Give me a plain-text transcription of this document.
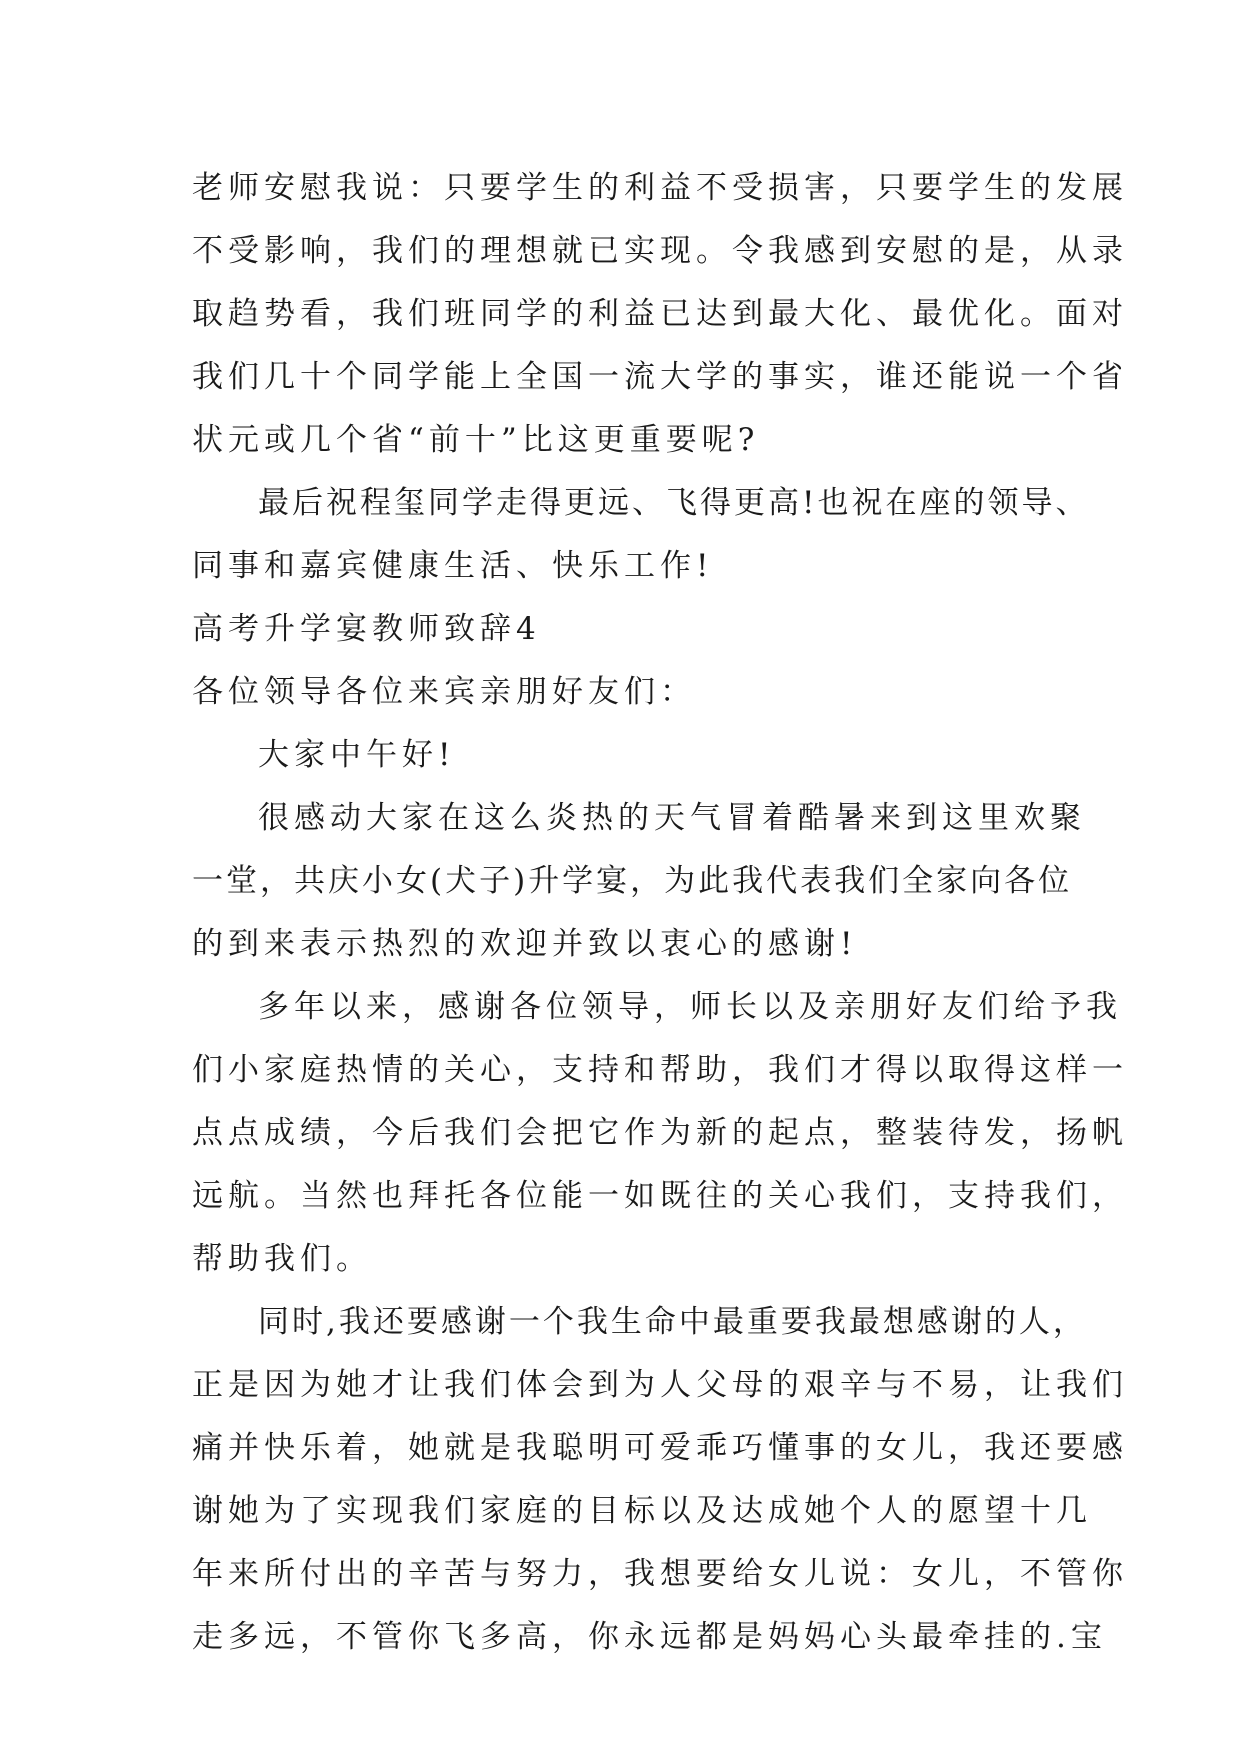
老师安慰我说：只要学生的利益不受损害，只要学生的发展
不受影响，我们的理想就已实现。令我感到安慰的是，从录
取趋势看，我们班同学的利益已达到最大化、最优化。面对
我们几十个同学能上全国一流大学的事实，谁还能说一个省
状元或几个省“前十”比这更重要呢?

最后祝程玺同学走得更远、飞得更高!也祝在座的领导、
同事和嘉宾健康生活、快乐工作!

高考升学宴教师致辞4

各位领导各位来宾亲朋好友们：

大家中午好!

很感动大家在这么炎热的天气冒着酷暑来到这里欢聚
一堂，共庆小女(犬子)升学宴，为此我代表我们全家向各位
的到来表示热烈的欢迎并致以衷心的感谢!

多年以来，感谢各位领导，师长以及亲朋好友们给予我
们小家庭热情的关心，支持和帮助，我们才得以取得这样一
点点成绩，今后我们会把它作为新的起点，整装待发，扬帆
远航。当然也拜托各位能一如既往的关心我们，支持我们，
帮助我们。

同时,我还要感谢一个我生命中最重要我最想感谢的人，
正是因为她才让我们体会到为人父母的艰辛与不易，让我们
痛并快乐着，她就是我聪明可爱乖巧懂事的女儿，我还要感
谢她为了实现我们家庭的目标以及达成她个人的愿望十几
年来所付出的辛苦与努力，我想要给女儿说：女儿，不管你
走多远，不管你飞多高，你永远都是妈妈心头最牵挂的.宝
